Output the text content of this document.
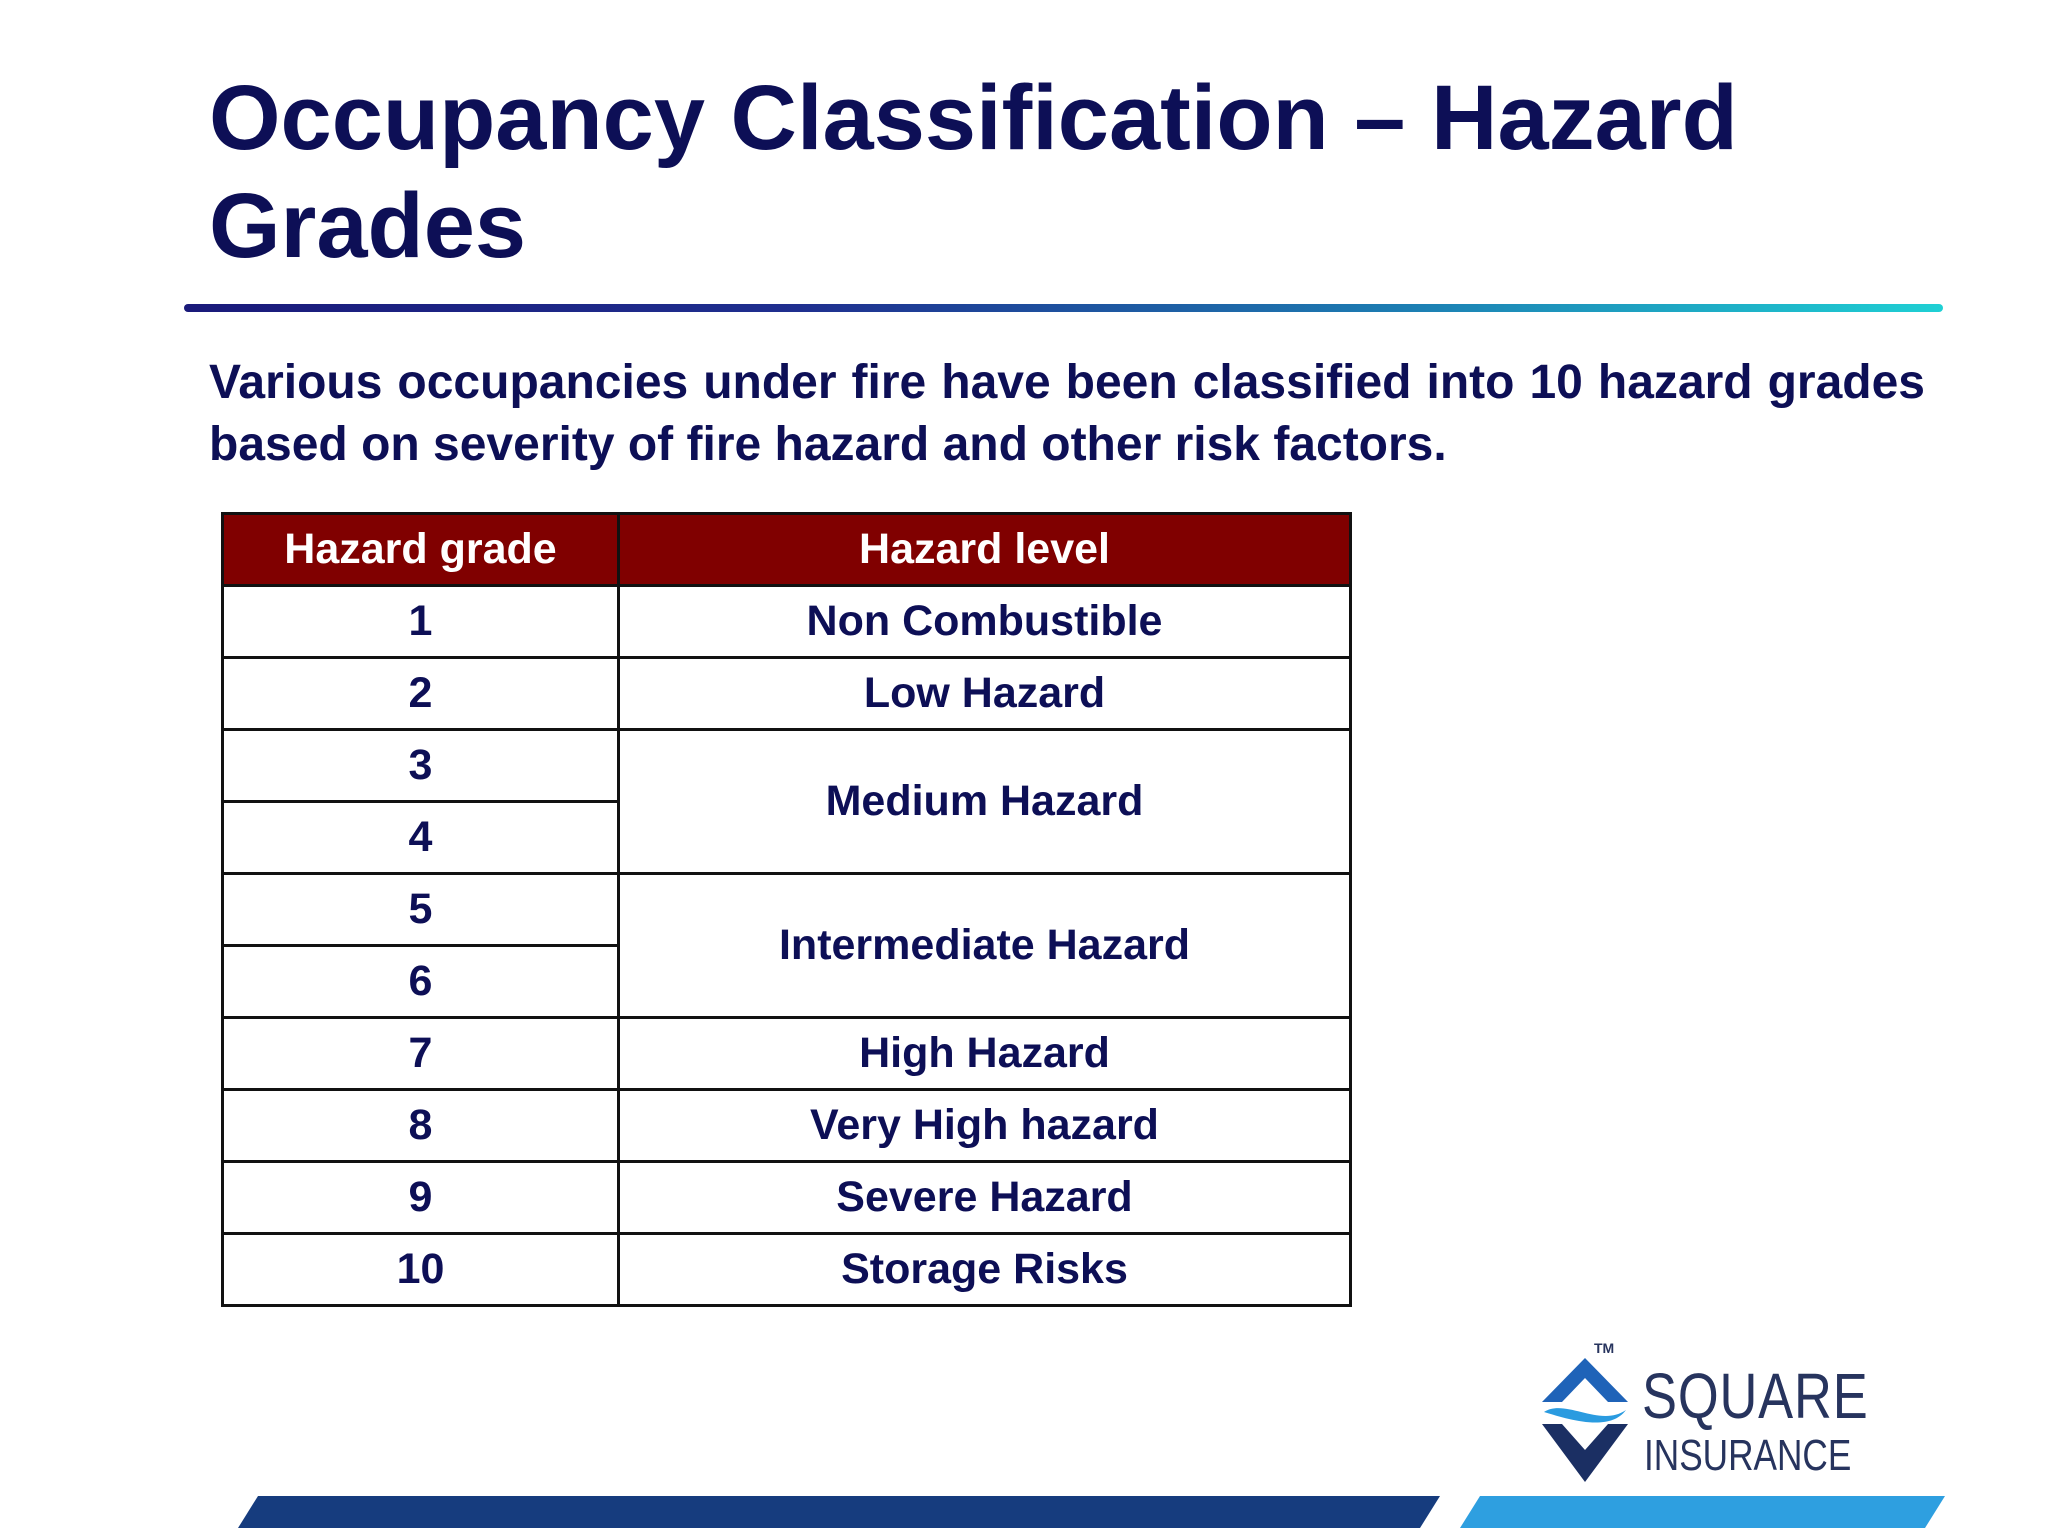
Occupancy Classification – Hazard Grades

Various occupancies under fire have been classified into 10 hazard grades based on severity of fire hazard and other risk factors.

Hazard grade	Hazard level
1	Non Combustible
2	Low Hazard
3	Medium Hazard
4	
5	Intermediate Hazard
6	
7	High Hazard
8	Very High hazard
9	Severe Hazard
10	Storage Risks
TM
SQUARE
INSURANCE
